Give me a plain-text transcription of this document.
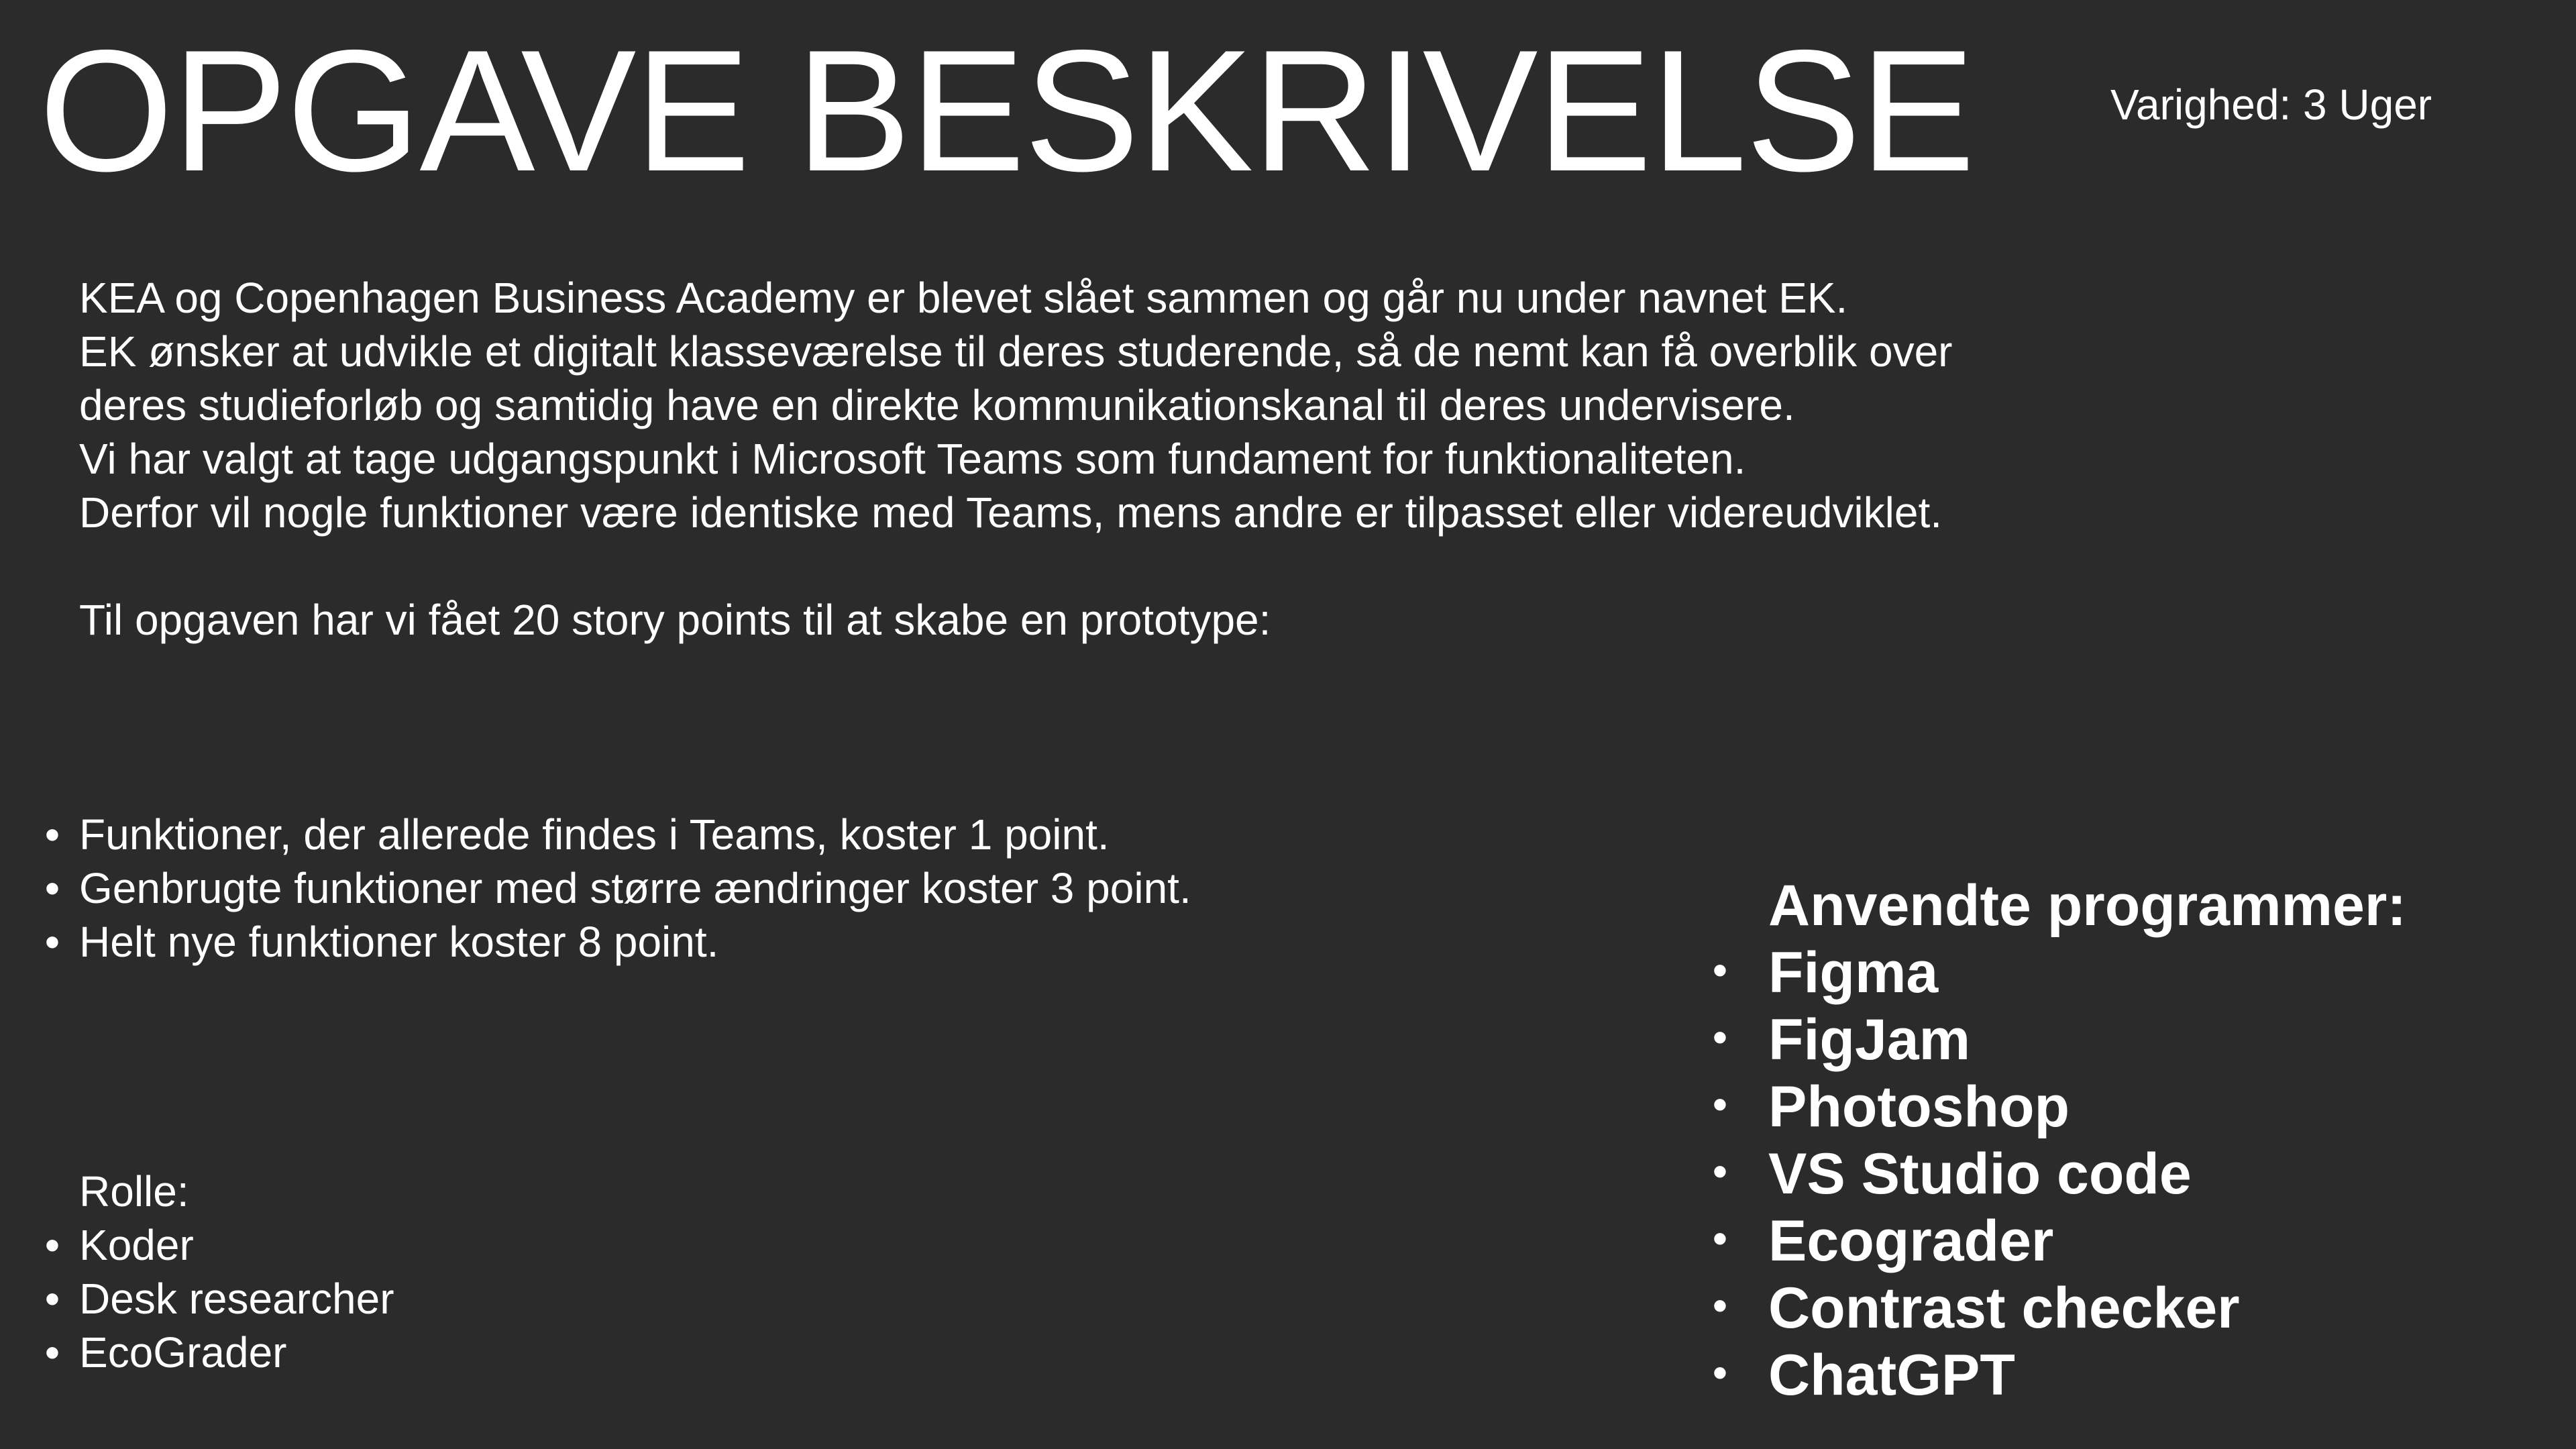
OPGAVE BESKRIVELSE	Varighed: 3 Uger

KEA og Copenhagen Business Academy er blevet slået sammen og går nu under navnet EK.

EK ønsker at udvikle et digitalt klasseværelse til deres studerende, så de nemt kan få overblik over deres studieforløb og samtidig have en direkte kommunikationskanal til deres undervisere.

Vi har valgt at tage udgangspunkt i Microsoft Teams som fundament for funktionaliteten.

Derfor vil nogle funktioner være identiske med Teams, mens andre er tilpasset eller videreudviklet.

Til opgaven har vi fået 20 story points til at skabe en prototype:

• Funktioner, der allerede findes i Teams, koster 1 point.
• Genbrugte funktioner med større ændringer koster 3 point.
• Helt nye funktioner koster 8 point.
Rolle:
• Koder
• Desk researcher
• EcoGrader
Anvendte programmer:
• Figma
• FigJam
• Photoshop
• VS Studio code
• Ecograder
• Contrast checker
• ChatGPT
